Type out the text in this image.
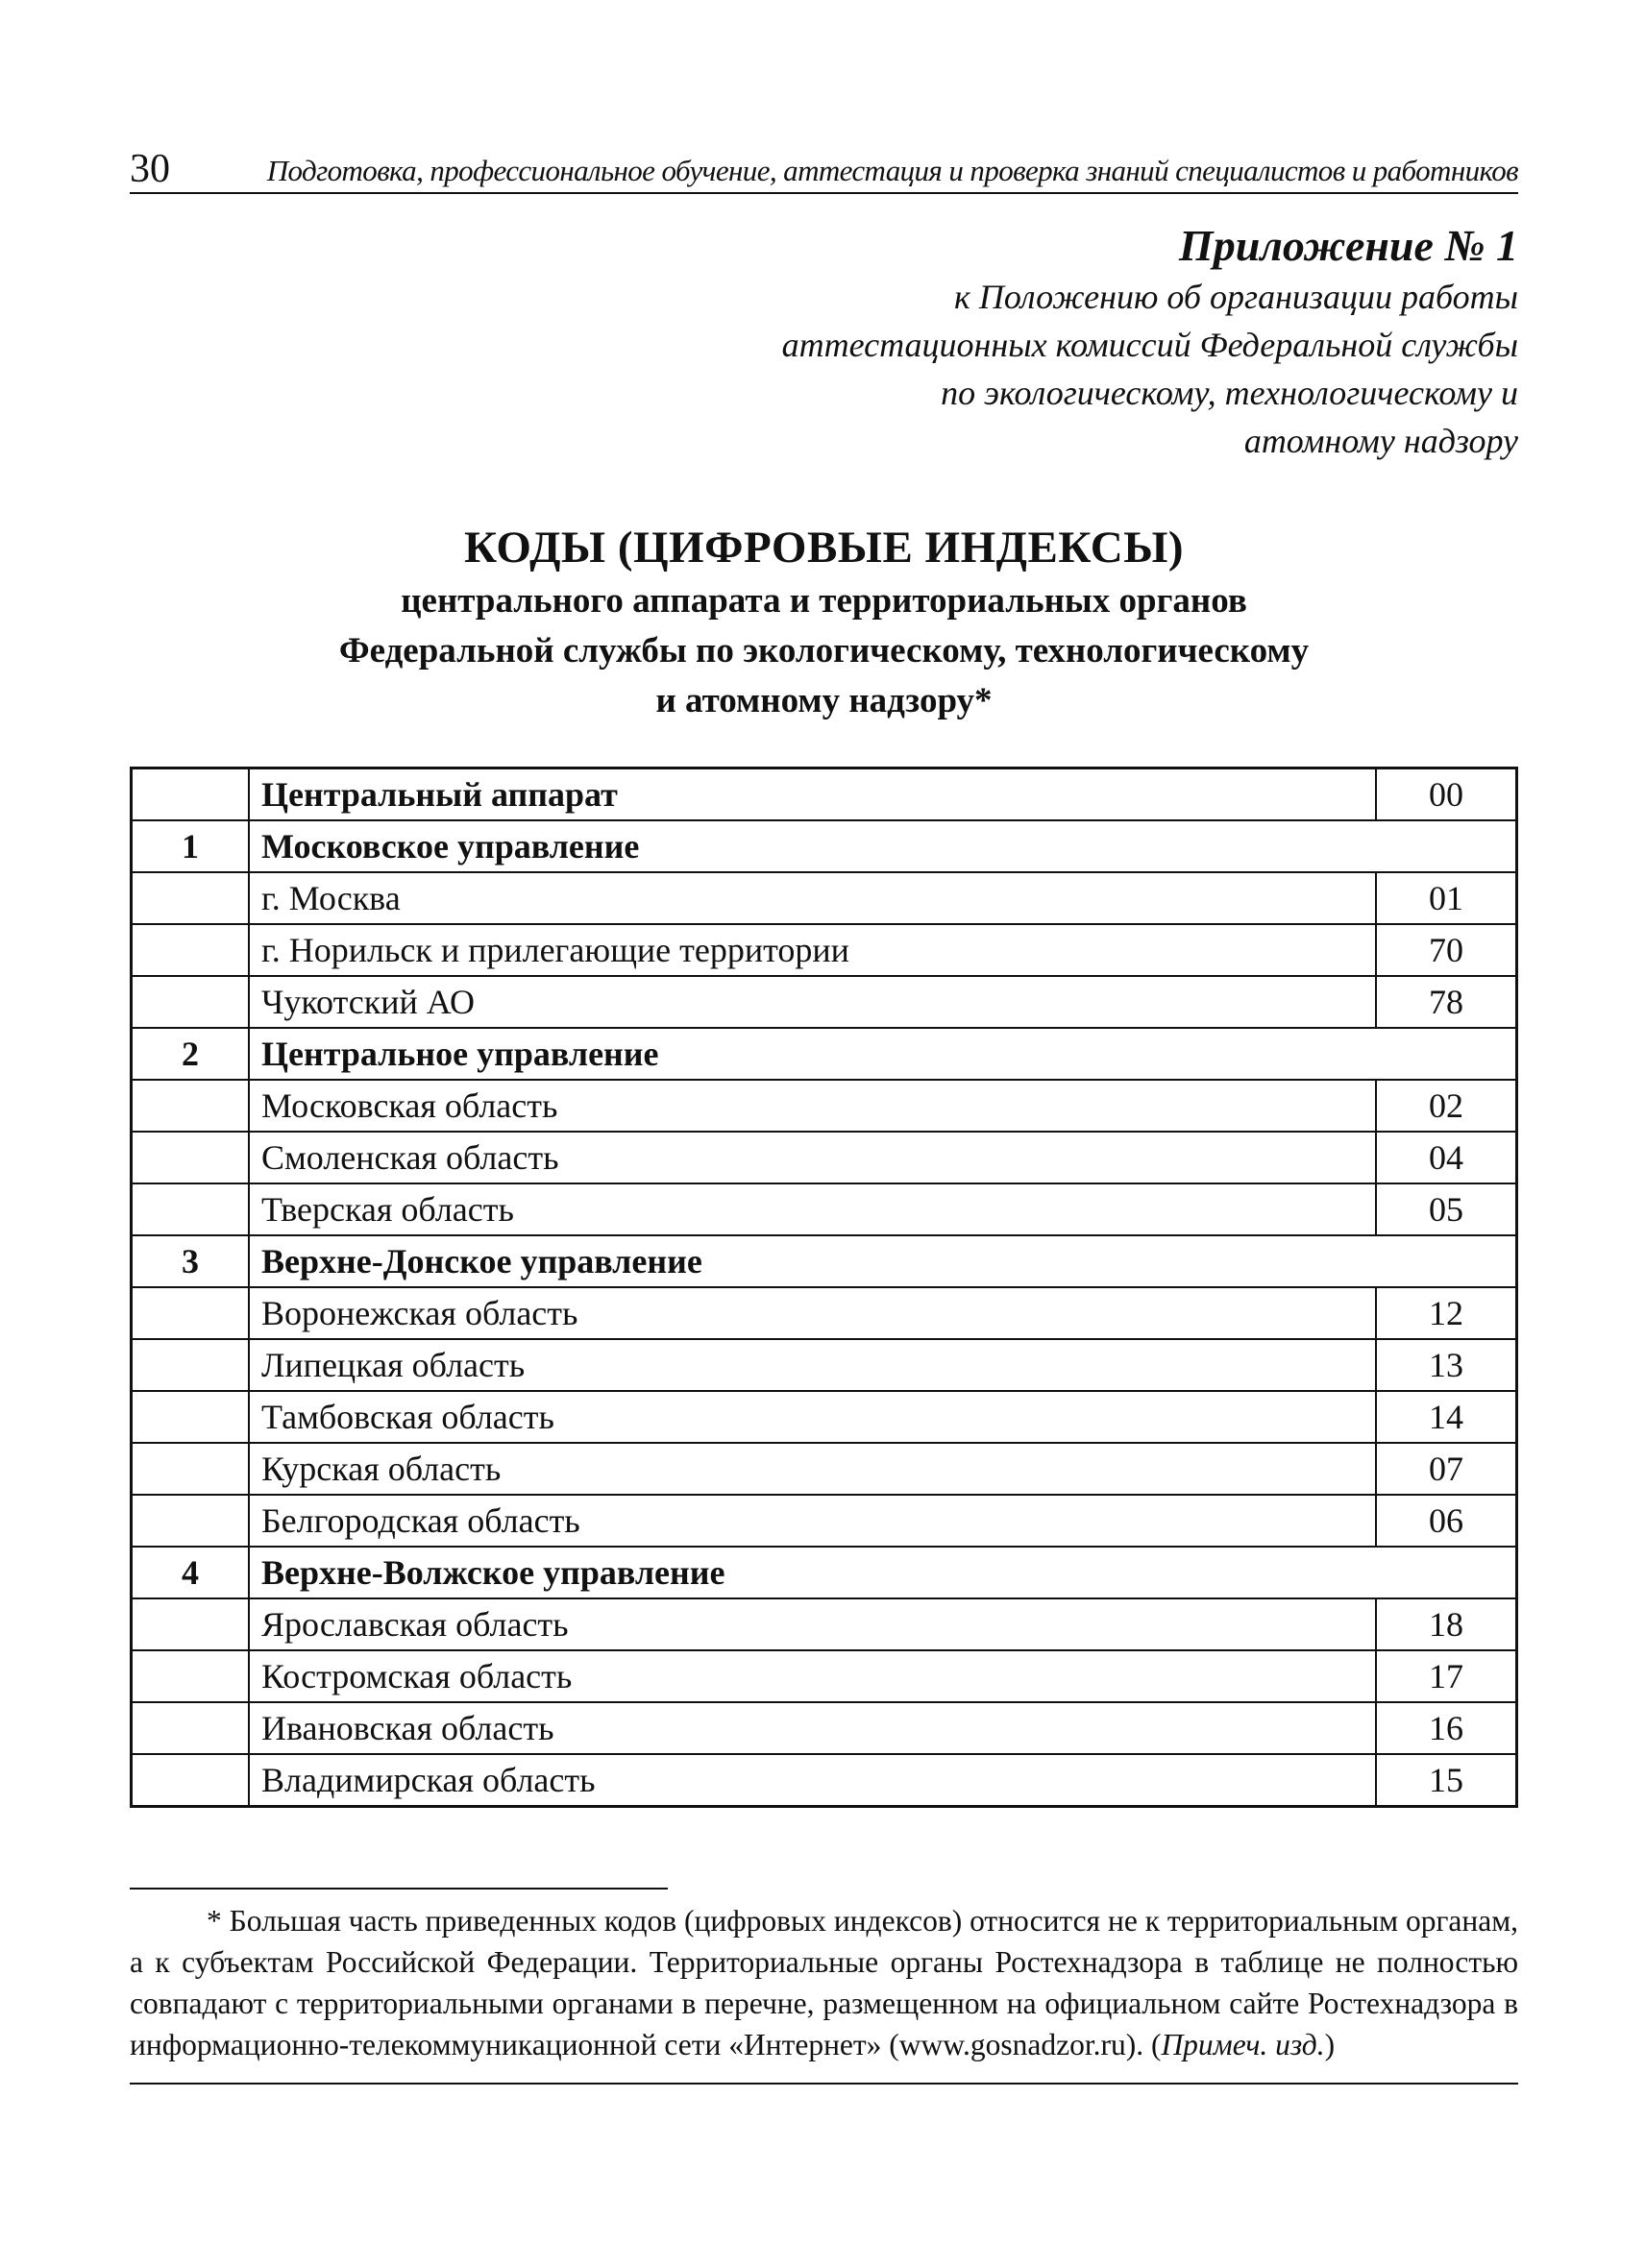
30	Подготовка, профессиональное обучение, аттестация и проверка знаний специалистов и работников
Приложение № 1
к Положению об организации работы
аттестационных комиссий Федеральной службы
по экологическому, технологическому и
атомному надзору
КОДЫ (ЦИФРОВЫЕ ИНДЕКСЫ)
центрального аппарата и территориальных органов
Федеральной службы по экологическому, технологическому
и атомному надзору*
	Центральный аппарат	00
1	Московское управление	
	г. Москва	01
	г. Норильск и прилегающие территории	70
	Чукотский АО	78
2	Центральное управление	
	Московская область	02
	Смоленская область	04
	Тверская область	05
3	Верхне-Донское управление	
	Воронежская область	12
	Липецкая область	13
	Тамбовская область	14
	Курская область	07
	Белгородская область	06
4	Верхне-Волжское управление	
	Ярославская область	18
	Костромская область	17
	Ивановская область	16
	Владимирская область	15
* Большая часть приведенных кодов (цифровых индексов) относится не к территориальным органам, а к субъектам Российской Федерации. Территориальные органы Ростехнадзора в таблице не полностью совпадают с территориальными органами в перечне, размещенном на официальном сайте Ростехнадзора в информационно-телекоммуникационной сети «Интернет» (www.gosnadzor.ru). (Примеч. изд.)
